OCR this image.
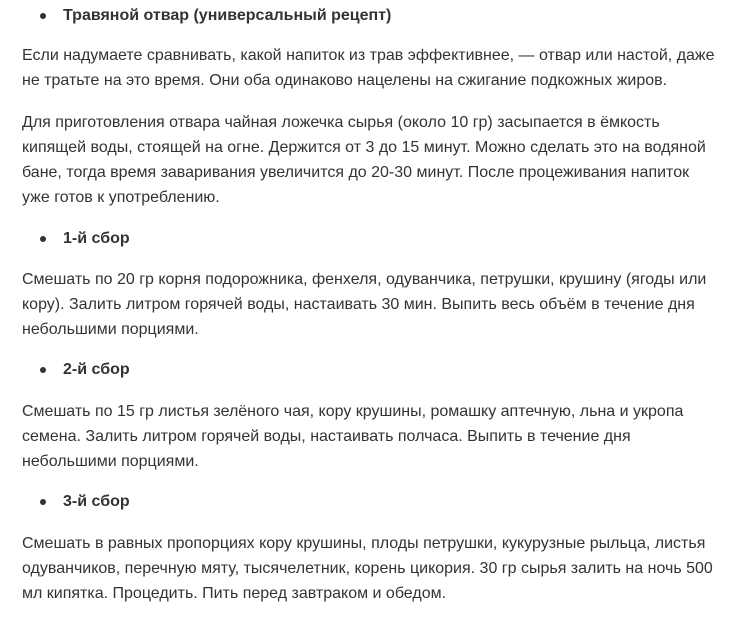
Травяной отвар (универсальный рецепт)

Если надумаете сравнивать, какой напиток из трав эффективнее, — отвар или настой, даже
не тратьте на это время. Они оба одинаково нацелены на сжигание подкожных жиров.

Для приготовления отвара чайная ложечка сырья (около 10 гр) засыпается в ёмкость
кипящей воды, стоящей на огне. Держится от 3 до 15 минут. Можно сделать это на водяной
бане, тогда время заваривания увеличится до 20-30 минут. После процеживания напиток
уже готов к употреблению.

1-й сбор

Смешать по 20 гр корня подорожника, фенхеля, одуванчика, петрушки, крушину (ягоды или
кору). Залить литром горячей воды, настаивать 30 мин. Выпить весь объём в течение дня
небольшими порциями.

2-й сбор

Смешать по 15 гр листья зелёного чая, кору крушины, ромашку аптечную, льна и укропа
семена. Залить литром горячей воды, настаивать полчаса. Выпить в течение дня
небольшими порциями.

3-й сбор

Смешать в равных пропорциях кору крушины, плоды петрушки, кукурузные рыльца, листья
одуванчиков, перечную мяту, тысячелетник, корень цикория. 30 гр сырья залить на ночь 500
мл кипятка. Процедить. Пить перед завтраком и обедом.
